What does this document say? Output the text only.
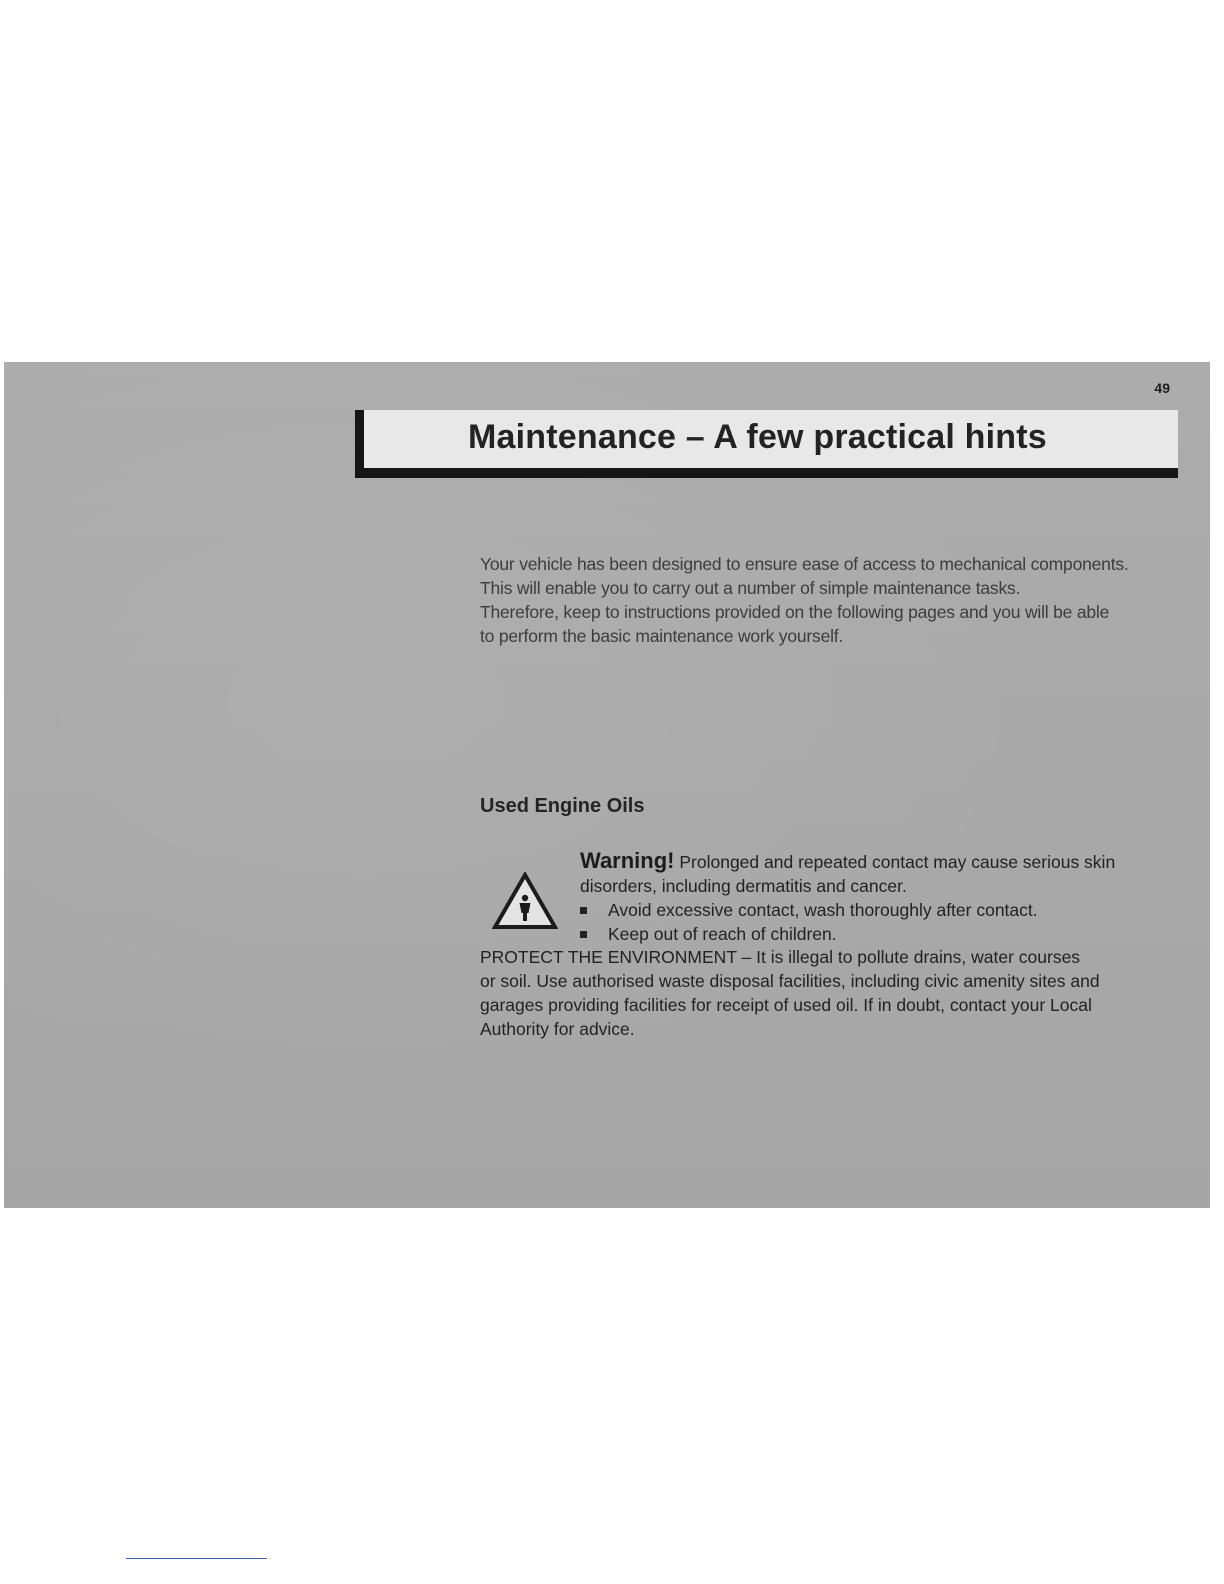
49
Maintenance – A few practical hints

Your vehicle has been designed to ensure ease of access to mechanical components.

This will enable you to carry out a number of simple maintenance tasks.

Therefore, keep to instructions provided on the following pages and you will be able

to perform the basic maintenance work yourself.

Used Engine Oils

Warning! Prolonged and repeated contact may cause serious skin

disorders, including dermatitis and cancer.

Avoid excessive contact, wash thoroughly after contact.
Keep out of reach of children.

PROTECT THE ENVIRONMENT – It is illegal to pollute drains, water courses

or soil. Use authorised waste disposal facilities, including civic amenity sites and

garages providing facilities for receipt of used oil. If in doubt, contact your Local

Authority for advice.
